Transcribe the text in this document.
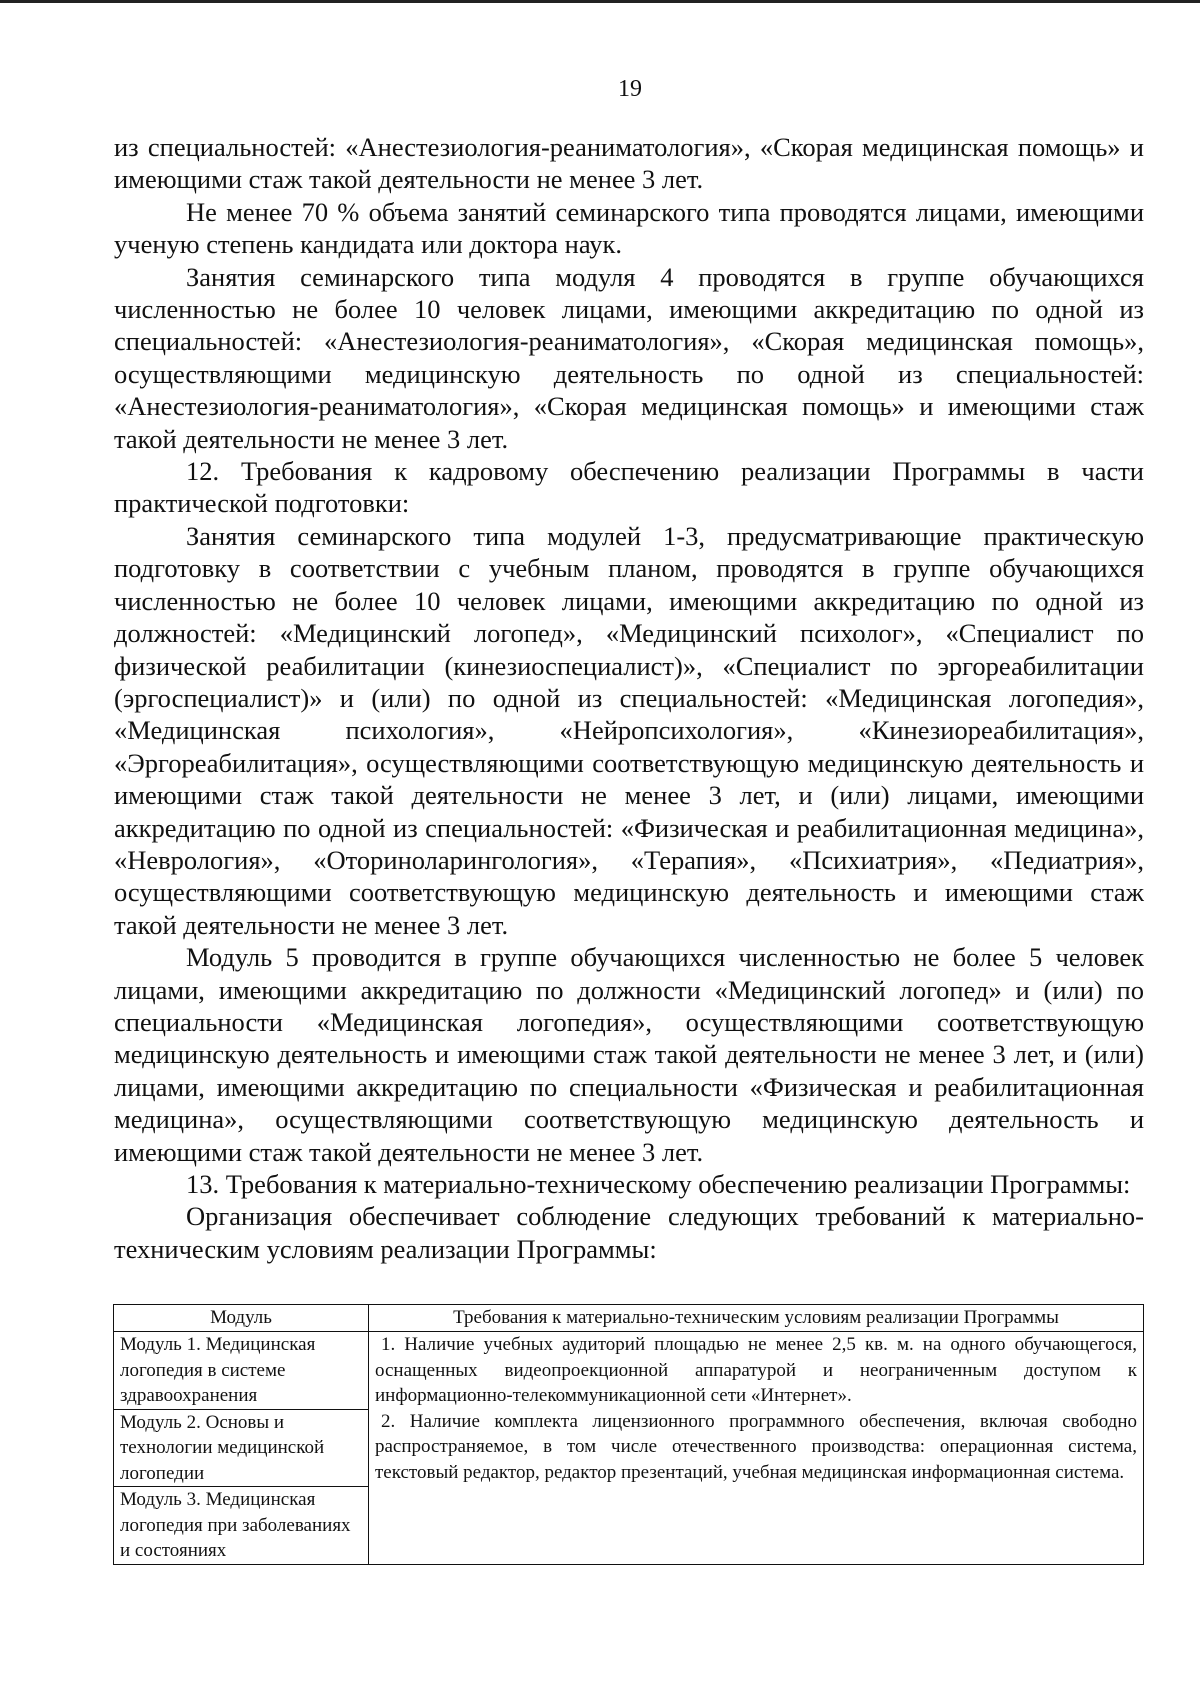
19

из специальностей: «Анестезиология-реаниматология», «Скорая медицинская помощь» и имеющими стаж такой деятельности не менее 3 лет.

Не менее 70 % объема занятий семинарского типа проводятся лицами, имеющими ученую степень кандидата или доктора наук.

Занятия семинарского типа модуля 4 проводятся в группе обучающихся численностью не более 10 человек лицами, имеющими аккредитацию по одной из специальностей: «Анестезиология-реаниматология», «Скорая медицинская помощь», осуществляющими медицинскую деятельность по одной из специальностей: «Анестезиология-реаниматология», «Скорая медицинская помощь» и имеющими стаж такой деятельности не менее 3 лет.

12. Требования к кадровому обеспечению реализации Программы в части практической подготовки:

Занятия семинарского типа модулей 1-3, предусматривающие практическую подготовку в соответствии с учебным планом, проводятся в группе обучающихся численностью не более 10 человек лицами, имеющими аккредитацию по одной из должностей: «Медицинский логопед», «Медицинский психолог», «Специалист по физической реабилитации (кинезиоспециалист)», «Специалист по эргореабилитации (эргоспециалист)» и (или) по одной из специальностей: «Медицинская логопедия», «Медицинская психология», «Нейропсихология», «Кинезиореабилитация», «Эргореабилитация», осуществляющими соответствующую медицинскую деятельность и имеющими стаж такой деятельности не менее 3 лет, и (или) лицами, имеющими аккредитацию по одной из специальностей: «Физическая и реабилитационная медицина», «Неврология», «Оториноларингология», «Терапия», «Психиатрия», «Педиатрия», осуществляющими соответствующую медицинскую деятельность и имеющими стаж такой деятельности не менее 3 лет.

Модуль 5 проводится в группе обучающихся численностью не более 5 человек лицами, имеющими аккредитацию по должности «Медицинский логопед» и (или) по специальности «Медицинская логопедия», осуществляющими соответствующую медицинскую деятельность и имеющими стаж такой деятельности не менее 3 лет, и (или) лицами, имеющими аккредитацию по специальности «Физическая и реабилитационная медицина», осуществляющими соответствующую медицинскую деятельность и имеющими стаж такой деятельности не менее 3 лет.

13. Требования к материально-техническому обеспечению реализации Программы:

Организация обеспечивает соблюдение следующих требований к материально-техническим условиям реализации Программы:

Модуль	Требования к материально-техническим условиям реализации Программы
Модуль 1. Медицинская логопедия в системе здравоохранения	1. Наличие учебных аудиторий площадью не менее 2,5 кв. м. на одного обучающегося, оснащенных видеопроекционной аппаратурой и неограниченным доступом к информационно-телекоммуникационной сети «Интернет».

2. Наличие комплекта лицензионного программного обеспечения, включая свободно распространяемое, в том числе отечественного производства: операционная система, текстовый редактор, редактор презентаций, учебная медицинская информационная система.

Модуль 2. Основы и технологии медицинской логопедии	
Модуль 3. Медицинская логопедия при заболеваниях и состояниях	
